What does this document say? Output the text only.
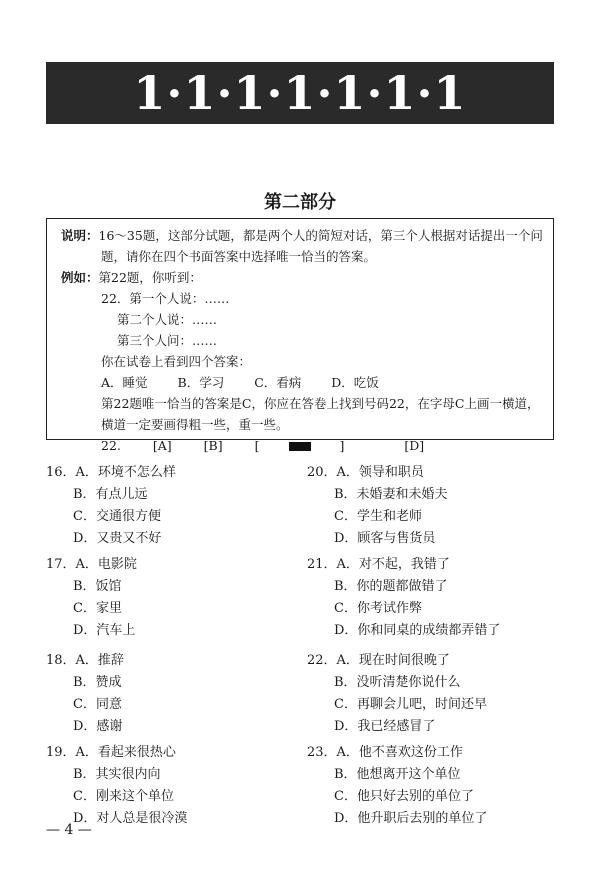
1·1·1·1·1·1·1
第二部分
说明：16～35题，这部分试题，都是两个人的简短对话，第三个人根据对话提出一个问
题，请你在四个书面答案中选择唯一恰当的答案。
例如：第22题，你听到：
22．第一个人说：……
第二个人说：……
第三个人问：……
你在试卷上看到四个答案：
A．睡觉 B．学习 C．看病 D．吃饭
第22题唯一恰当的答案是C，你应在答卷上找到号码22，在字母C上画一横道，
横道一定要画得粗一些，重一些。
22.	[A]	[B]	[	]	[D]
16．A．环境不怎么样
B．有点儿远
C．交通很方便
D．又贵又不好
17．A．电影院
B．饭馆
C．家里
D．汽车上
18．A．推辞
B．赞成
C．同意
D．感谢
19．A．看起来很热心
B．其实很内向
C．刚来这个单位
D．对人总是很冷漠
20．A．领导和职员
B．未婚妻和未婚夫
C．学生和老师
D．顾客与售货员
21．A．对不起，我错了
B．你的题都做错了
C．你考试作弊
D．你和同桌的成绩都弄错了
22．A．现在时间很晚了
B．没听清楚你说什么
C．再聊会儿吧，时间还早
D．我已经感冒了
23．A．他不喜欢这份工作
B．他想离开这个单位
C．他只好去别的单位了
D．他升职后去别的单位了
— 4 —
